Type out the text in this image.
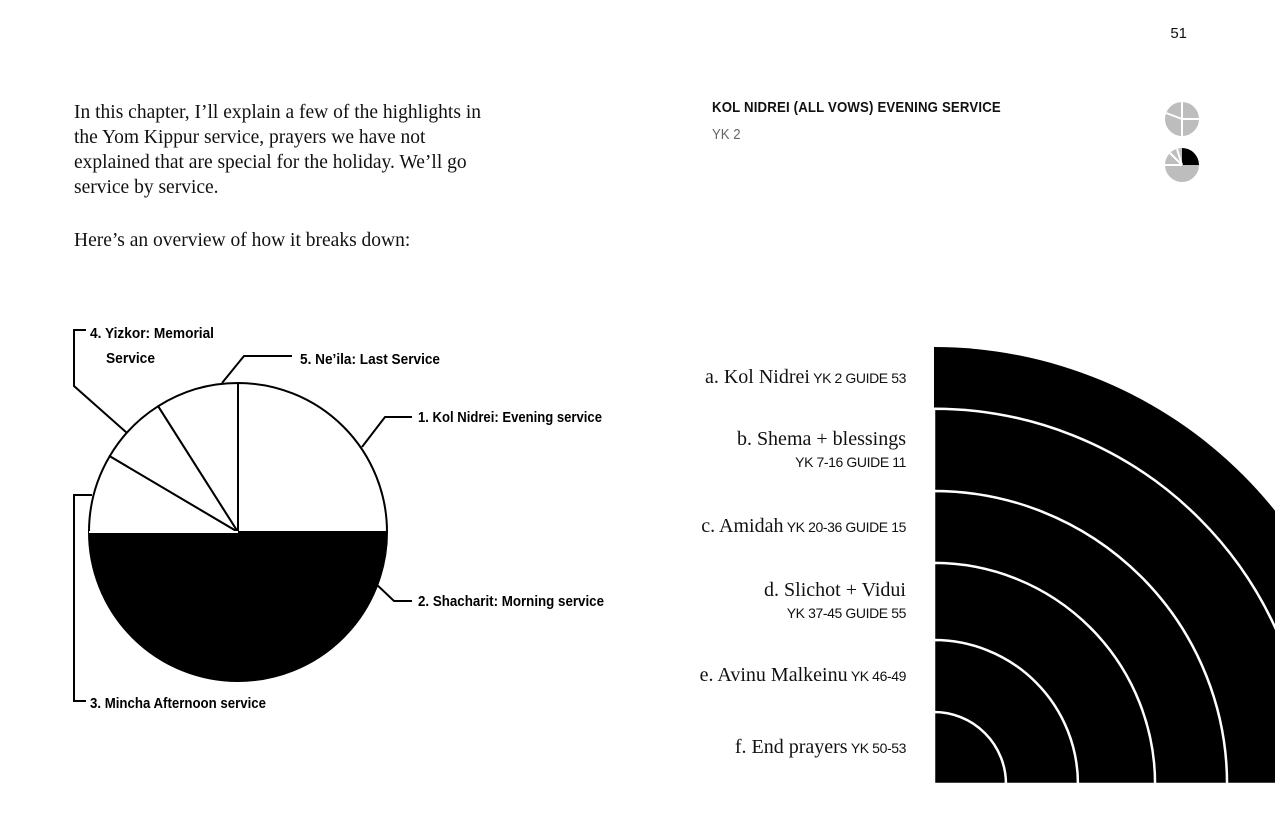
51

In this chapter, I’ll explain a few of the highlights in the Yom Kippur service, prayers we have not explained that are special for the holiday. We’ll go service by service.

Here’s an overview of how it breaks down:

1. Kol Nidrei: Evening service
2. Shacharit: Morning service
3. Mincha Afternoon service
4. Yizkor: Memorial
Service	5. Ne’ila: Last Service
KOL NIDREI (ALL VOWS) EVENING SERVICE
YK 2
a. Kol Nidrei YK 2 GUIDE 53
b. Shema + blessings
YK 7-16 GUIDE 11
c. Amidah YK 20-36 GUIDE 15
d. Slichot + Vidui
YK 37-45 GUIDE 55
e. Avinu Malkeinu YK 46-49
f. End prayers YK 50-53
